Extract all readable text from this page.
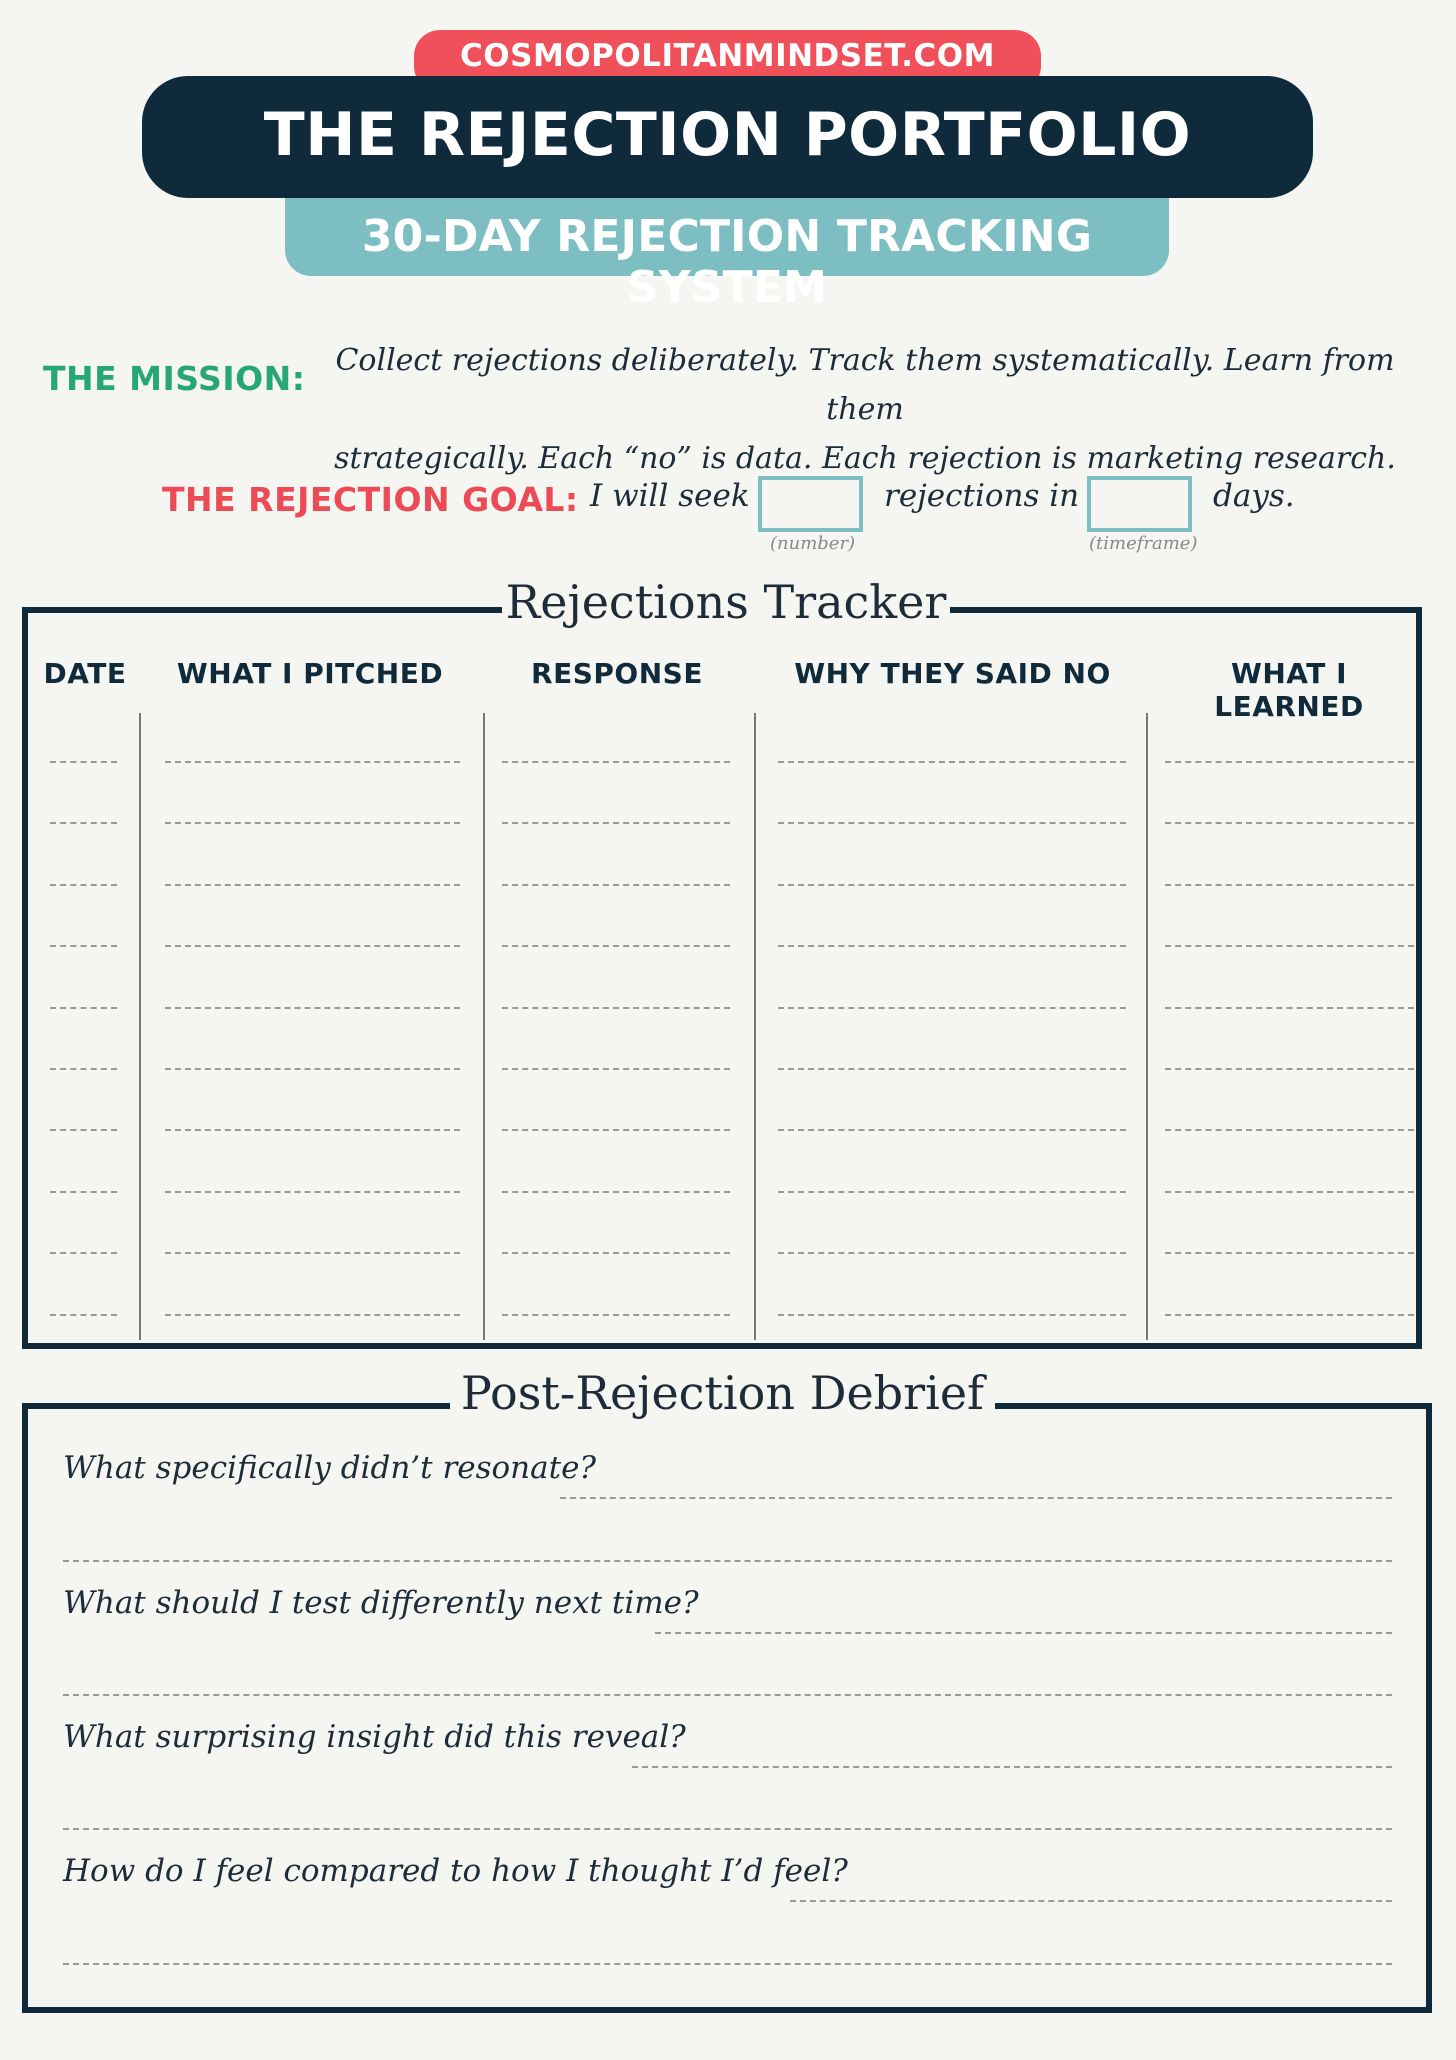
COSMOPOLITANMINDSET.COM
THE REJECTION PORTFOLIO
30-DAY REJECTION TRACKING SYSTEM
THE MISSION: Collect rejections deliberately. Track them systematically. Learn from them
strategically. Each “no” is data. Each rejection is marketing research.
THE REJECTION GOAL: I will seek	rejections in	days.
(number)	(timeframe)
Rejections Tracker
DATE	WHAT I PITCHED	RESPONSE	WHY THEY SAID NO	WHAT I LEARNED
Post-Rejection Debrief
What specifically didn’t resonate?
What should I test differently next time?
What surprising insight did this reveal?
How do I feel compared to how I thought I’d feel?
